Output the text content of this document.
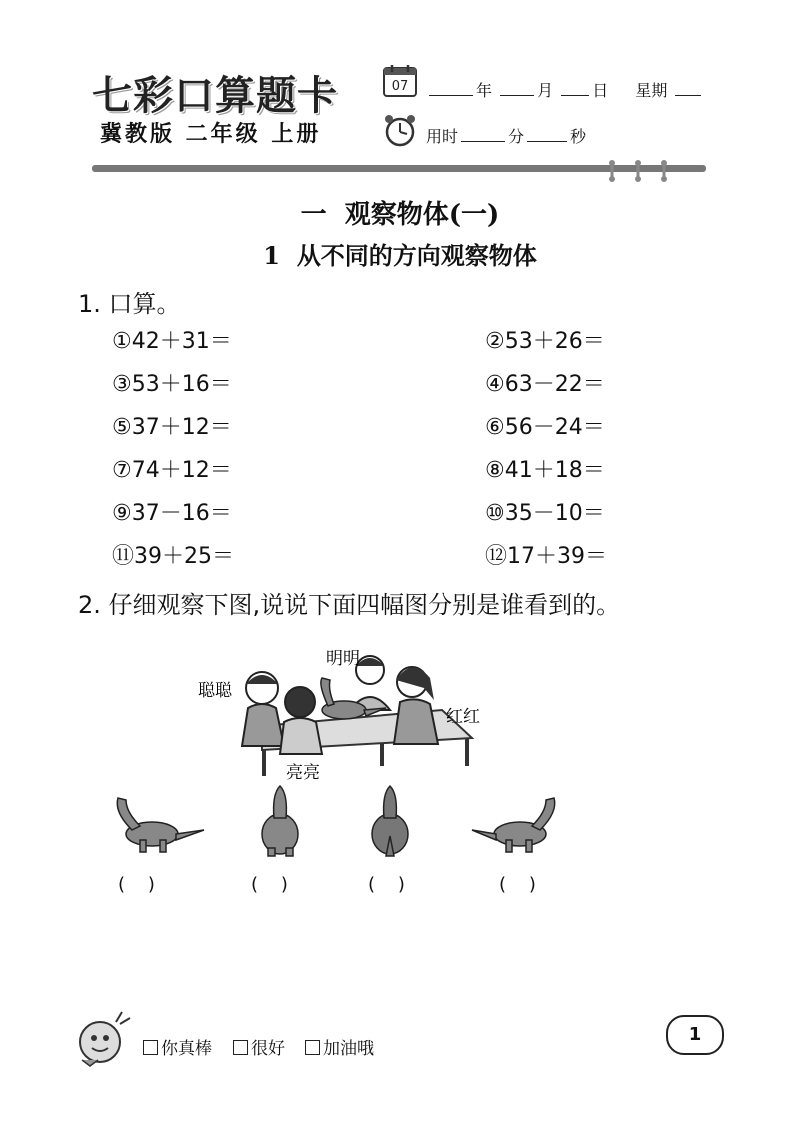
七彩口算题卡
冀教版 二年级 上册
07	年	月 日 星期
用时	分	秒
一  观察物体(一)
1  从不同的方向观察物体
1. 口算。
①42＋31＝	②53＋26＝
③53＋16＝	④63－22＝
⑤37＋12＝	⑥56－24＝
⑦74＋12＝	⑧41＋18＝
⑨37－16＝	⑩35－10＝
⑪39＋25＝	⑫17＋39＝
2. 仔细观察下图,说说下面四幅图分别是谁看到的。
明明
聪聪
红红
亮亮
(    )	(    )	(    )	(    )
你真棒	很好	加油哦
1
